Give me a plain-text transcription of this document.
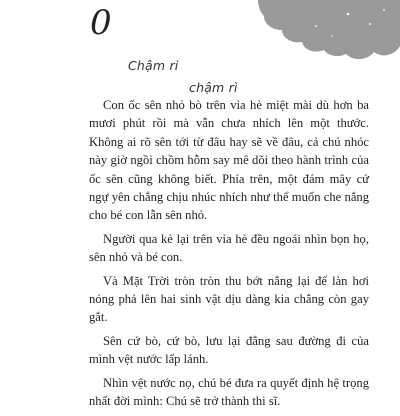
0
Chậm ri
chậm rì

Con ốc sên nhỏ bò trên vỉa hè miệt mài dù hơn ba mươi phút rồi mà vẫn chưa nhích lên một thước. Không ai rõ sên tới từ đâu hay sẽ về đâu, cả chú nhóc này giờ ngồi chồm hỗm say mê dõi theo hành trình của ốc sên cũng không biết. Phía trên, một đám mây cứ ngự yên chẳng chịu nhúc nhích như thể muốn che nắng cho bé con lẫn sên nhỏ.

Người qua kẻ lại trên vỉa hè đều ngoái nhìn bọn họ, sên nhỏ và bé con.

Và Mặt Trời tròn tròn thu bớt nắng lại để làn hơi nóng phả lên hai sinh vật dịu dàng kia chẳng còn gay gắt.

Sên cứ bò, cứ bò, lưu lại đằng sau đường đi của mình vệt nước lấp lánh.

Nhìn vệt nước nọ, chú bé đưa ra quyết định hệ trọng nhất đời mình: Chú sẽ trở thành thi sĩ.
